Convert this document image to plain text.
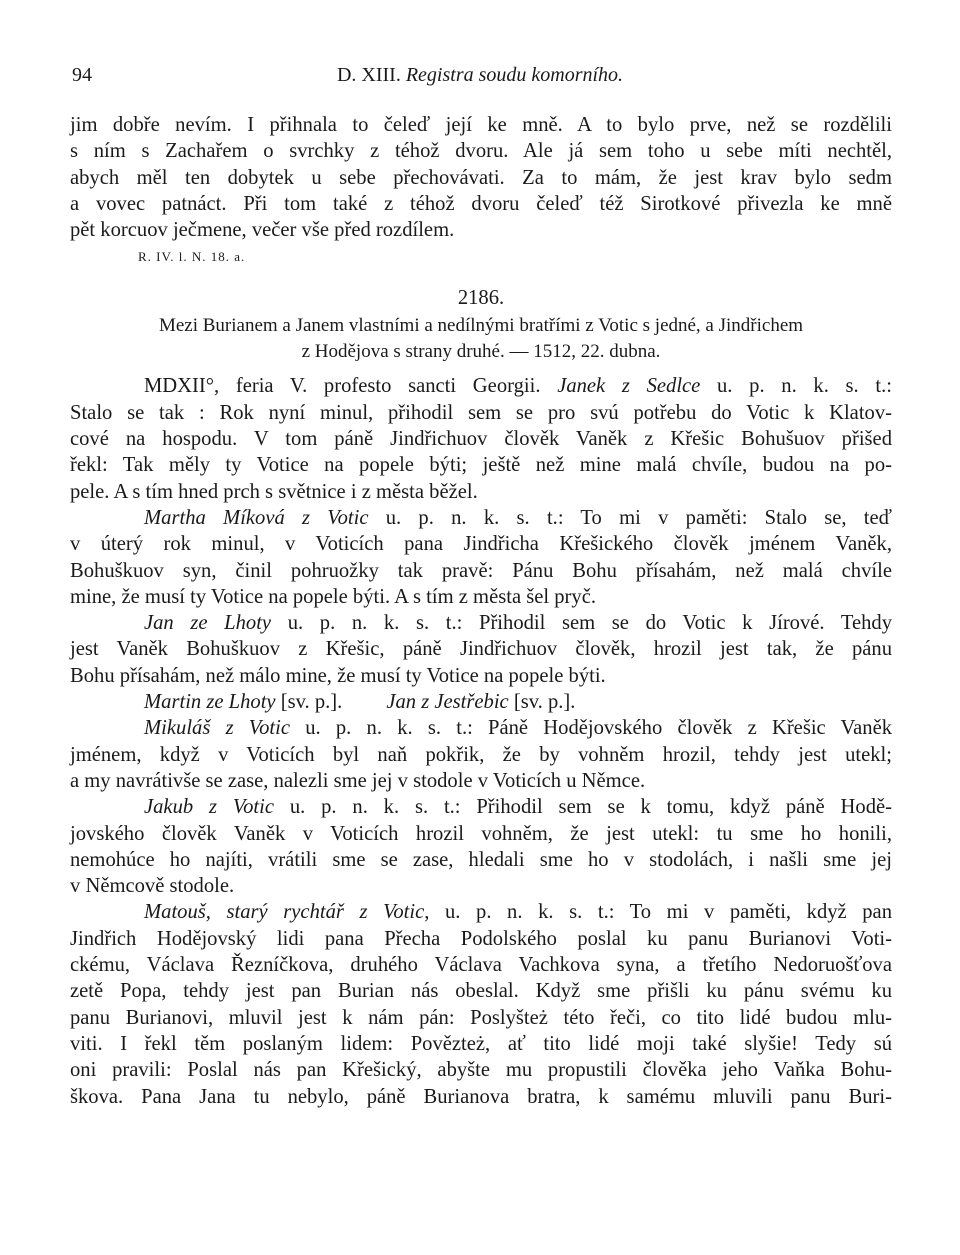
94	D. XIII. Registra soudu komorního.
jim dobře nevím. I přihnala to čeleď její ke mně. A to bylo prve, než se rozdělili
s ním s Zachařem o svrchky z téhož dvoru. Ale já sem toho u sebe míti nechtěl,
abych měl ten dobytek u sebe přechovávati. Za to mám, že jest krav bylo sedm
a vovec patnáct. Při tom také z téhož dvoru čeleď též Sirotkové přivezla ke mně
pět korcuov ječmene, večer vše před rozdílem.
R. IV. l. N. 18. a.
2186.
Mezi Burianem a Janem vlastními a nedílnými bratřími z Votic s jedné, a Jindřichem
z Hodějova s strany druhé. — 1512, 22. dubna.
MDXII°, feria V. profesto sancti Georgii. Janek z Sedlce u. p. n. k. s. t.:
Stalo se tak : Rok nyní minul, přihodil sem se pro svú potřebu do Votic k Klatov-
cové na hospodu. V tom páně Jindřichuov člověk Vaněk z Křešic Bohušuov přišed
řekl: Tak měly ty Votice na popele býti; ještě než mine malá chvíle, budou na po-
pele. A s tím hned prch s světnice i z města běžel.
Martha Míková z Votic u. p. n. k. s. t.: To mi v paměti: Stalo se, teď
v úterý rok minul, v Voticích pana Jindřicha Křešického člověk jménem Vaněk,
Bohuškuov syn, činil pohruožky tak pravě: Pánu Bohu přísahám, než malá chvíle
mine, že musí ty Votice na popele býti. A s tím z města šel pryč.
Jan ze Lhoty u. p. n. k. s. t.: Přihodil sem se do Votic k Jírové. Tehdy
jest Vaněk Bohuškuov z Křešic, páně Jindřichuov člověk, hrozil jest tak, že pánu
Bohu přísahám, než málo mine, že musí ty Votice na popele býti.
Martin ze Lhoty [sv. p.]. Jan z Jestřebic [sv. p.].
Mikuláš z Votic u. p. n. k. s. t.: Páně Hodějovského člověk z Křešic Vaněk
jménem, když v Voticích byl naň pokřik, že by vohněm hrozil, tehdy jest utekl;
a my navrátivše se zase, nalezli sme jej v stodole v Voticích u Němce.
Jakub z Votic u. p. n. k. s. t.: Přihodil sem se k tomu, když páně Hodě-
jovského člověk Vaněk v Voticích hrozil vohněm, že jest utekl: tu sme ho honili,
nemohúce ho najíti, vrátili sme se zase, hledali sme ho v stodolách, i našli sme jej
v Němcově stodole.
Matouš, starý rychtář z Votic, u. p. n. k. s. t.: To mi v paměti, když pan
Jindřich Hodějovský lidi pana Přecha Podolského poslal ku panu Burianovi Voti-
ckému, Václava Řezníčkova, druhého Václava Vachkova syna, a třetího Nedoruošťova
zetě Popa, tehdy jest pan Burian nás obeslal. Když sme přišli ku pánu svému ku
panu Burianovi, mluvil jest k nám pán: Poslyšteż této řeči, co tito lidé budou mlu-
viti. I řekl těm poslaným lidem: Povězteż, ať tito lidé moji také slyšie! Tedy sú
oni pravili: Poslal nás pan Křešický, abyšte mu propustili člověka jeho Vaňka Bohu-
škova. Pana Jana tu nebylo, páně Burianova bratra, k samému mluvili panu Buri-
